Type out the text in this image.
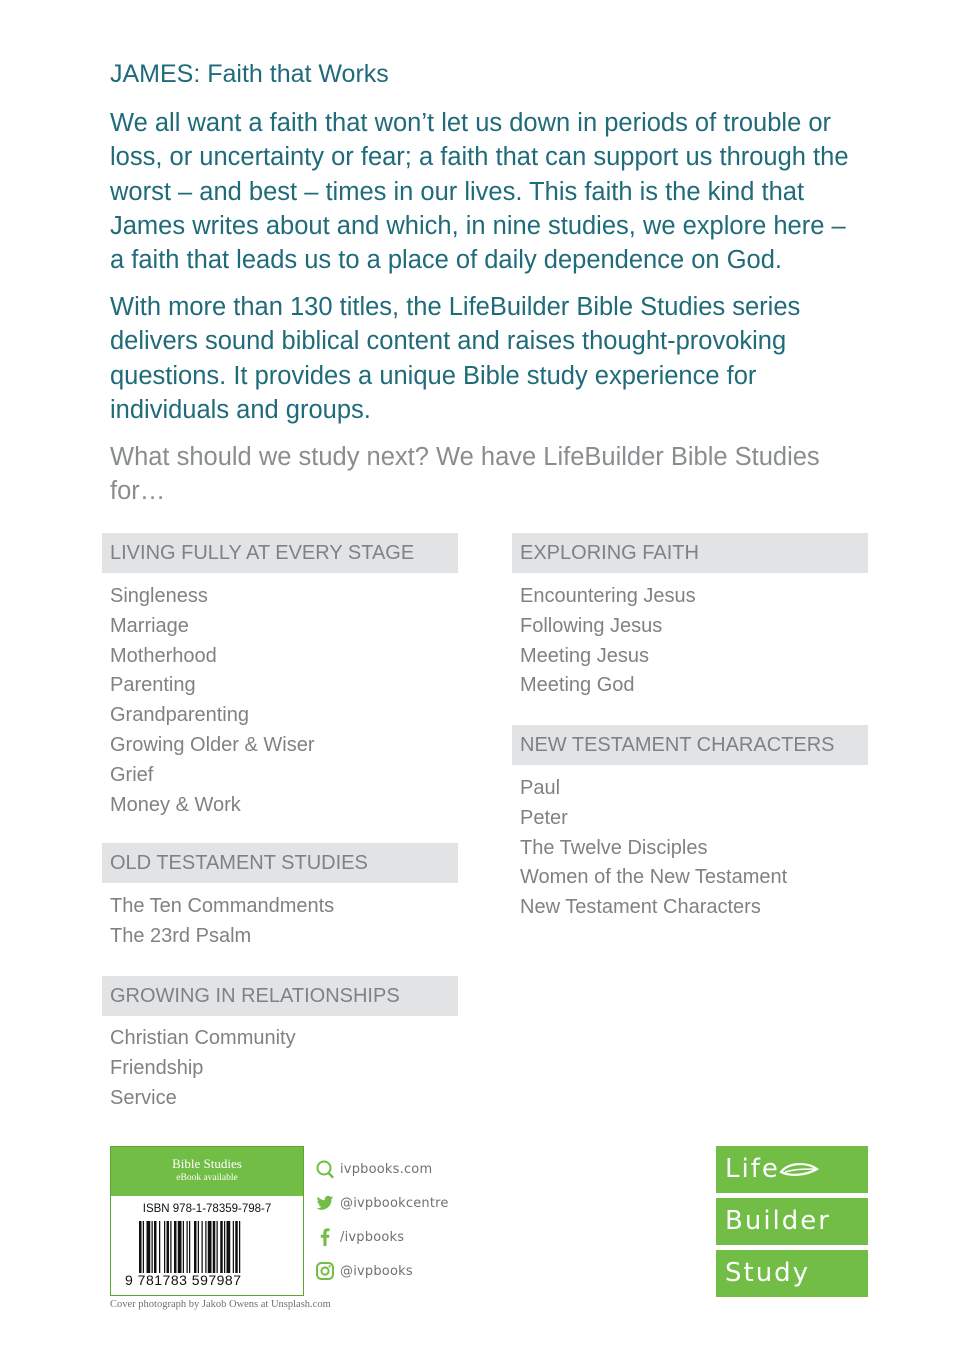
JAMES: Faith that Works

We all want a faith that won’t let us down in periods of trouble or loss, or uncertainty or fear; a faith that can support us through the worst – and best – times in our lives. This faith is the kind that James writes about and which, in nine studies, we explore here – a faith that leads us to a place of daily dependence on God.

With more than 130 titles, the LifeBuilder Bible Studies series delivers sound biblical content and raises thought-provoking questions. It provides a unique Bible study experience for individuals and groups.

What should we study next? We have LifeBuilder Bible Studies for…

LIVING FULLY AT EVERY STAGE
Singleness
Marriage
Motherhood
Parenting
Grandparenting
Growing Older & Wiser
Grief
Money & Work
OLD TESTAMENT STUDIES
The Ten Commandments
The 23rd Psalm
GROWING IN RELATIONSHIPS
Christian Community
Friendship
Service
EXPLORING FAITH
Encountering Jesus
Following Jesus
Meeting Jesus
Meeting God
NEW TESTAMENT CHARACTERS
Paul
Peter
The Twelve Disciples
Women of the New Testament
New Testament Characters
Bible Studies
eBook available
ISBN 978-1-78359-798-7
9 781783 597987
ivpbooks.com
@ivpbookcentre
/ivpbooks
@ivpbooks
Cover photograph by Jakob Owens at Unsplash.com
Life
Builder
Study
